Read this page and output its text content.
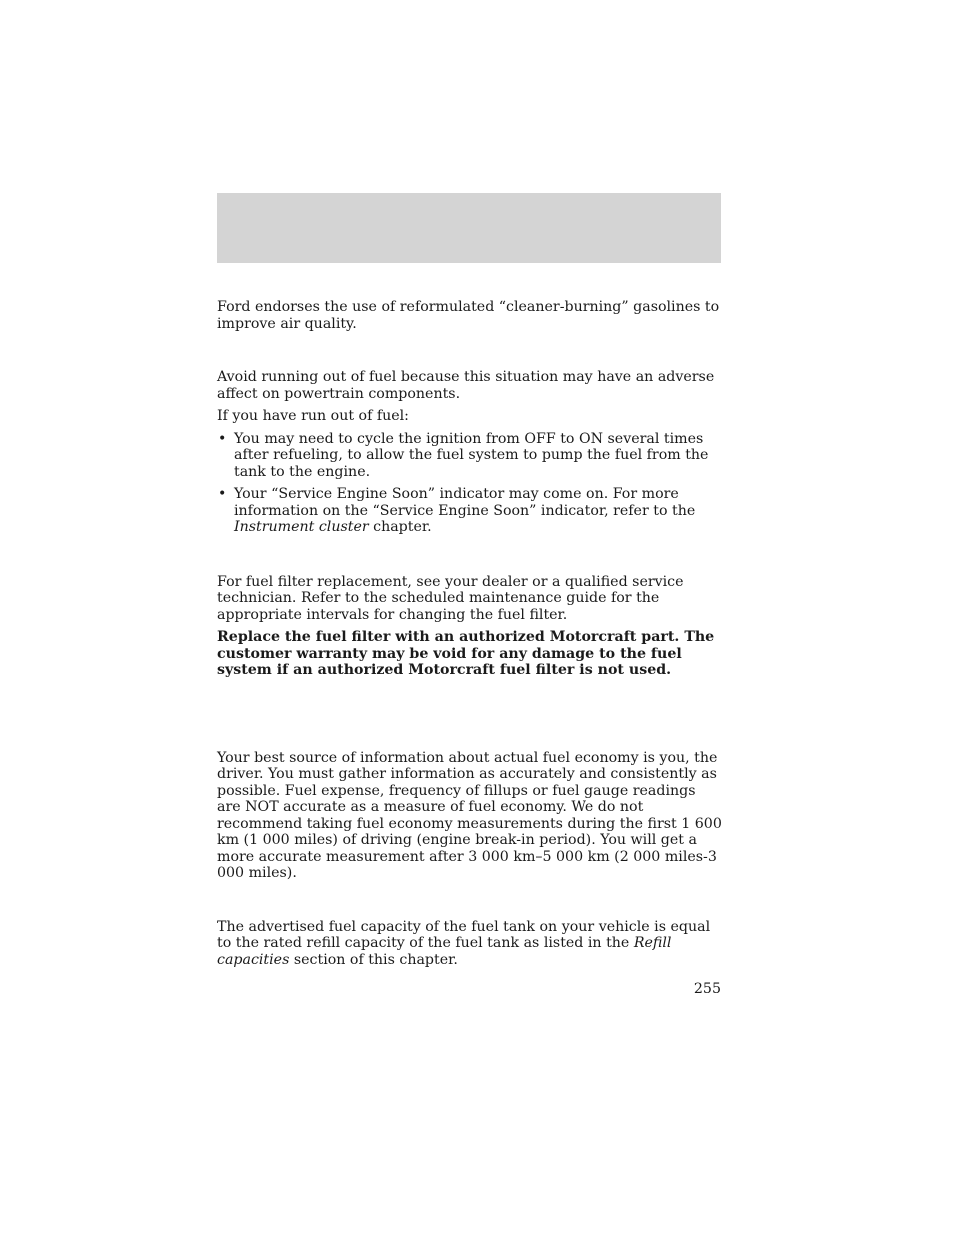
Ford endorses the use of reformulated “cleaner-burning” gasolines to improve air quality.

Avoid running out of fuel because this situation may have an adverse affect on powertrain components.

If you have run out of fuel:

• You may need to cycle the ignition from OFF to ON several times after refueling, to allow the fuel system to pump the fuel from the tank to the engine.
• Your “Service Engine Soon” indicator may come on. For more information on the “Service Engine Soon” indicator, refer to the Instrument cluster chapter.

For fuel filter replacement, see your dealer or a qualified service technician. Refer to the scheduled maintenance guide for the appropriate intervals for changing the fuel filter.

Replace the fuel filter with an authorized Motorcraft part. The customer warranty may be void for any damage to the fuel system if an authorized Motorcraft fuel filter is not used.

Your best source of information about actual fuel economy is you, the driver. You must gather information as accurately and consistently as possible. Fuel expense, frequency of fillups or fuel gauge readings are NOT accurate as a measure of fuel economy. We do not recommend taking fuel economy measurements during the first 1 600 km (1 000 miles) of driving (engine break-in period). You will get a more accurate measurement after 3 000 km–5 000 km (2 000 miles-3 000 miles).

The advertised fuel capacity of the fuel tank on your vehicle is equal to the rated refill capacity of the fuel tank as listed in the Refill capacities section of this chapter.

255
